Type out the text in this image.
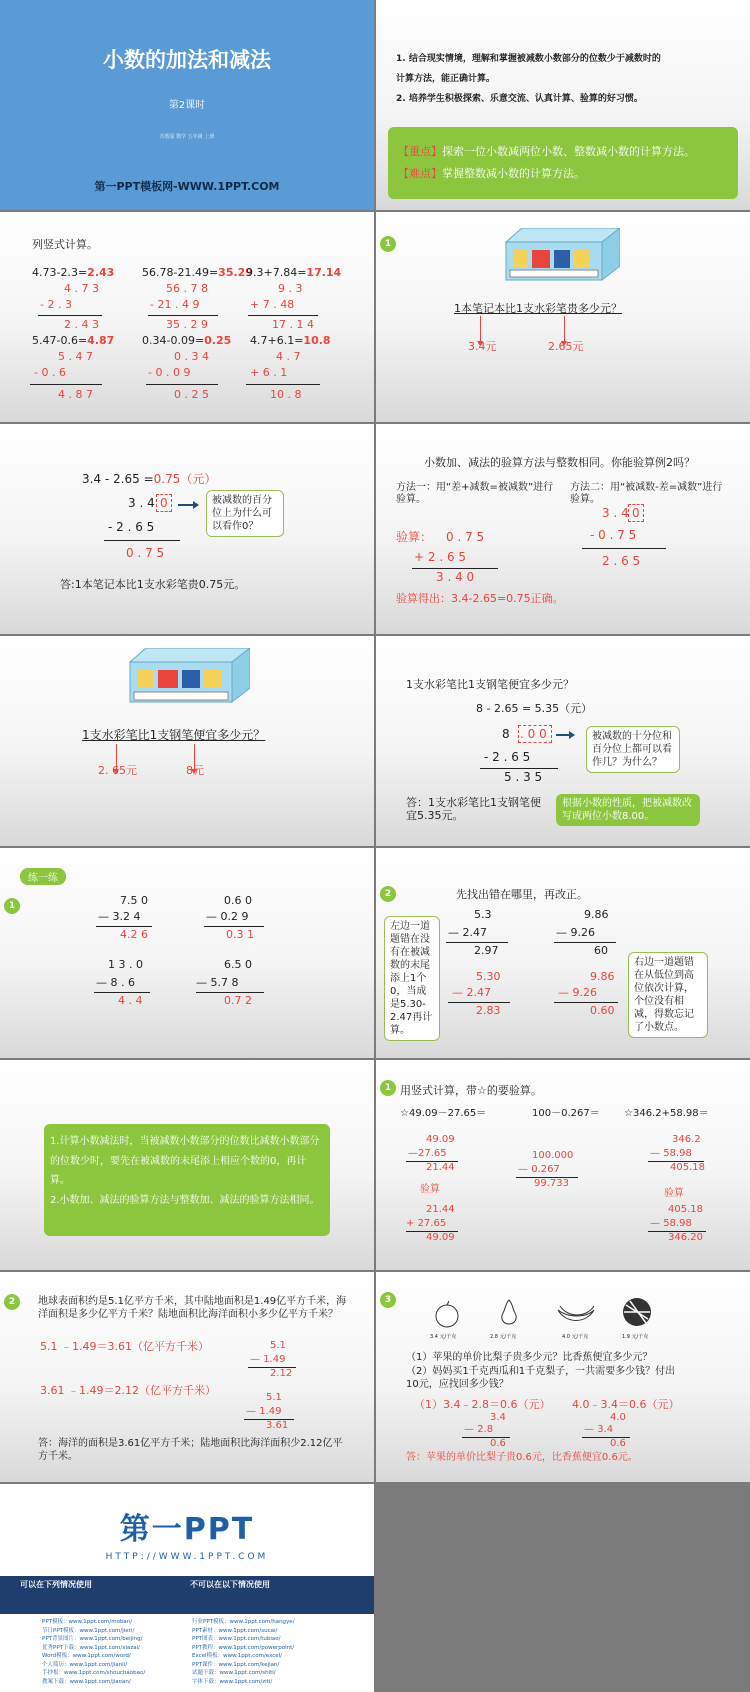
小数的加法和减法
第2课时
苏教版 数学 五年级 上册
第一PPT模板网-WWW.1PPT.COM
1. 结合现实情境，理解和掌握被减数小数部分的位数少于减数时的
计算方法，能正确计算。
2. 培养学生积极探索、乐意交流、认真计算、验算的好习惯。
【重点】探索一位小数减两位小数、整数减小数的计算方法。
【难点】掌握整数减小数的计算方法。
列竖式计算。
4.73-2.3=2.43
4 . 7 3
- 2 . 3
2 . 4 3
56.78-21.49=35.29
56 . 7 8
- 21 . 4 9
35 . 2 9
9.3+7.84=17.14
9 . 3
+ 7 . 48
17 . 1 4
5.47-0.6=4.87
5 . 4 7
- 0 . 6
4 . 8 7
0.34-0.09=0.25
0 . 3 4
- 0 . 0 9
0 . 2 5
4.7+6.1=10.8
4 . 7
+ 6 . 1
10 . 8
1
1本笔记本比1支水彩笔贵多少元？
3.4元	2.65元
3.4 - 2.65 =0.75（元）
3 . 4 0
- 2 . 6 5
0 . 7 5
被减数的百分位上为什么可以看作0？
答:1本笔记本比1支水彩笔贵0.75元。
小数加、减法的验算方法与整数相同。你能验算例2吗？
方法一：用“差+减数=被减数”进行验算。
方法二：用“被减数-差=减数”进行验算。
验算： 0 . 7 5
+ 2 . 6 5
3 . 4 0
3 . 4 0
- 0 . 7 5
2 . 6 5
验算得出：3.4-2.65=0.75正确。
1支水彩笔比1支钢笔便宜多少元？
2. 65元	8元
1支水彩笔比1支钢笔便宜多少元？
8 - 2.65 = 5.35（元）
8 . 0 0
- 2 . 6 5
5 . 3 5
被减数的十分位和百分位上都可以看作几？为什么？
答：1支水彩笔比1支钢笔便宜5.35元。
根据小数的性质，把被减数改写成两位小数8.00。
练一练
1	7.5 0
— 3.2 4
4.2 6
0.6 0
— 0.2 9
0.3 1
1 3 . 0
— 8 . 6
4 . 4
6.5 0
— 5.7 8
0.7 2
2	先找出错在哪里，再改正。
5.3
— 2.47
2.97
5.30
— 2.47
2.83
9.86
— 9.26
60
9.86
— 9.26
0.60
左边一道题错在没有在被减数的末尾添上1个0，当成是5.30-2.47再计算。
右边一道题错在从低位到高位依次计算，个位没有相减，得数忘记了小数点。
1.计算小数减法时，当被减数小数部分的位数比减数小数部分的位数少时，要先在被减数的末尾添上相应个数的0，再计算。
2.小数加、减法的验算方法与整数加、减法的验算方法相同。
1 用竖式计算，带☆的要验算。
☆49.09－27.65＝	100－0.267＝ ☆346.2+58.98＝
49.09
—27.65
21.44
验算
21.44
+ 27.65
49.09
100.000
— 0.267
99.733
346.2
— 58.98
405.18
验算
405.18
— 58.98
346.20
2	地球表面积约是5.1亿平方千米，其中陆地面积是1.49亿平方千米，海洋面积是多少亿平方千米？陆地面积比海洋面积小多少亿平方千米？
5.1 ﹣1.49＝3.61（亿平方千米）
3.61 ﹣1.49＝2.12（亿平方千米）
5.1
— 1.49
2.12
5.1
— 1.49
3.61
答：海洋的面积是3.61亿平方千米；陆地面积比海洋面积少2.12亿平方千米。
3
3.4 元/千克	2.8 元/千克	4.0 元/千克	1.9 元/千克
（1）苹果的单价比梨子贵多少元？比香蕉便宜多少元？
（2）妈妈买1千克西瓜和1千克梨子，一共需要多少钱？付出10元，应找回多少钱？
（1）3.4﹣2.8＝0.6（元） 4.0﹣3.4＝0.6（元）
3.4
— 2.8
0.6
4.0
— 3.4
0.6
答：苹果的单价比梨子贵0.6元，比香蕉便宜0.6元。
第一PPT
HTTP://WWW.1PPT.COM
可以在下列情况使用	不可以在以下情况使用
PPT模板：www.1ppt.com/moban/
节日PPT模板：www.1ppt.com/jieri/
PPT背景图片：www.1ppt.com/beijing/
优秀PPT下载：www.1ppt.com/xiazai/
Word模板：www.1ppt.com/word/
个人简历：www.1ppt.com/jianli/
手抄报：www.1ppt.com/shouchaobao/
教案下载：www.1ppt.com/jiaoan/
行业PPT模板：www.1ppt.com/hangye/
PPT素材：www.1ppt.com/sucai/
PPT图表：www.1ppt.com/tubiao/
PPT教程：www.1ppt.com/powerpoint/
Excel模板：www.1ppt.com/excel/
PPT课件：www.1ppt.com/kejian/
试题下载：www.1ppt.com/shiti/
字体下载：www.1ppt.com/ziti/
